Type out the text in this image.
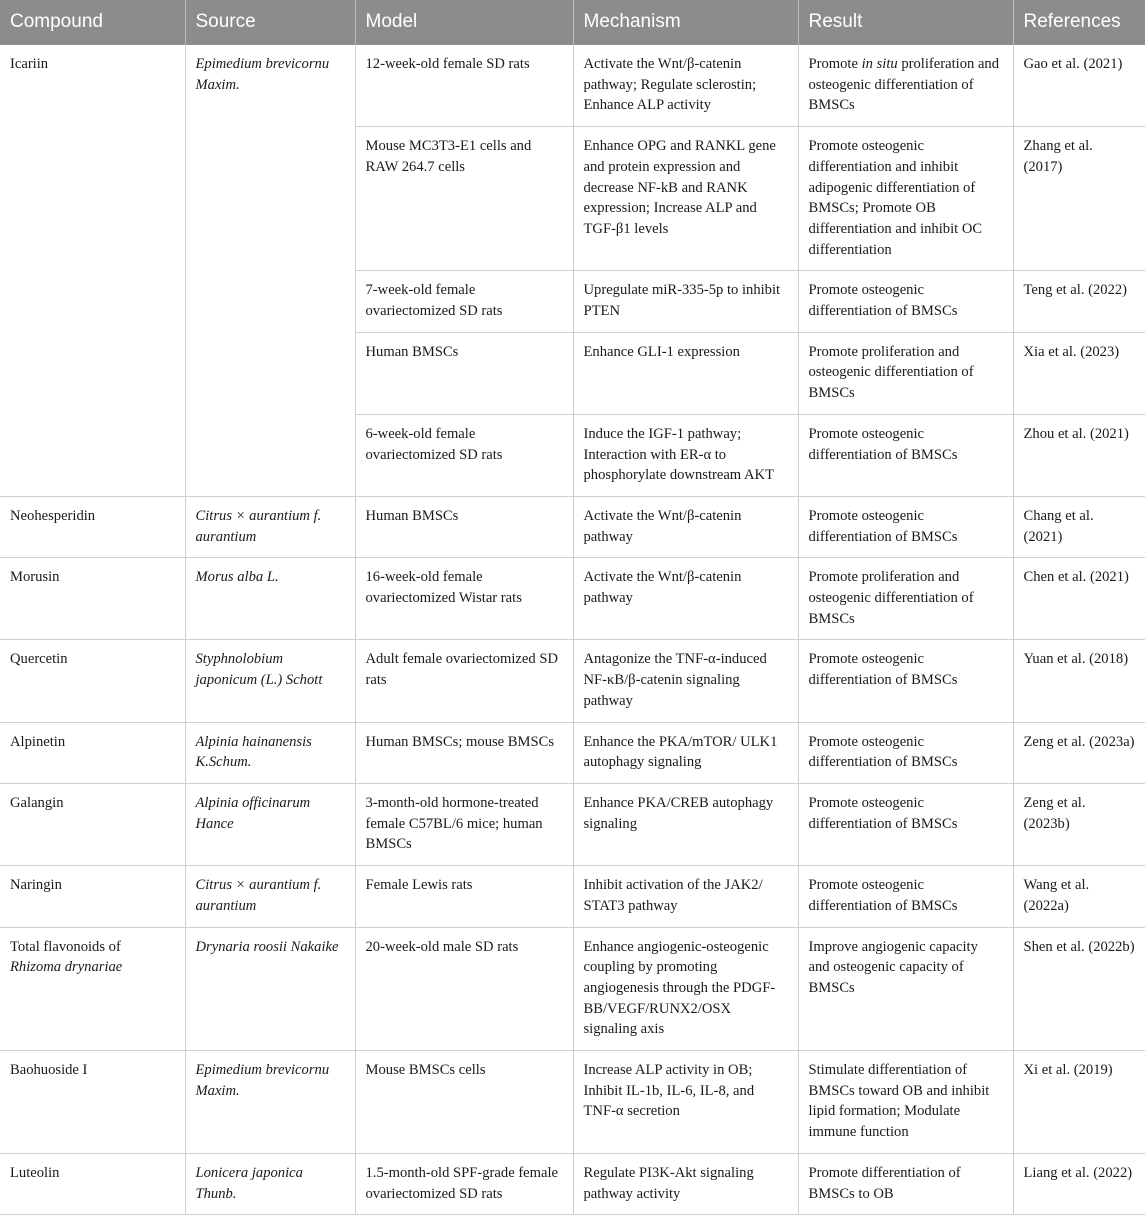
Compound	Source	Model	Mechanism	Result	References
Icariin	Epimedium brevicornu Maxim.	12-week-old female SD rats	Activate the Wnt/β-catenin pathway; Regulate sclerostin; Enhance ALP activity	Promote in situ proliferation and osteogenic differentiation of BMSCs	Gao et al. (2021)
		Mouse MC3T3-E1 cells and RAW 264.7 cells	Enhance OPG and RANKL gene and protein expression and decrease NF-kB and RANK expression; Increase ALP and TGF-β1 levels	Promote osteogenic differentiation and inhibit adipogenic differentiation of BMSCs; Promote OB differentiation and inhibit OC differentiation	Zhang et al. (2017)
		7-week-old female ovariectomized SD rats	Upregulate miR-335-5p to inhibit PTEN	Promote osteogenic differentiation of BMSCs	Teng et al. (2022)
		Human BMSCs	Enhance GLI-1 expression	Promote proliferation and osteogenic differentiation of BMSCs	Xia et al. (2023)
		6-week-old female ovariectomized SD rats	Induce the IGF-1 pathway; Interaction with ER-α to phosphorylate downstream AKT	Promote osteogenic differentiation of BMSCs	Zhou et al. (2021)
Neohesperidin	Citrus × aurantium f. aurantium	Human BMSCs	Activate the Wnt/β-catenin pathway	Promote osteogenic differentiation of BMSCs	Chang et al. (2021)
Morusin	Morus alba L.	16-week-old female ovariectomized Wistar rats	Activate the Wnt/β-catenin pathway	Promote proliferation and osteogenic differentiation of BMSCs	Chen et al. (2021)
Quercetin	Styphnolobium japonicum (L.) Schott	Adult female ovariectomized SD rats	Antagonize the TNF-α-induced NF-κB/β-catenin signaling pathway	Promote osteogenic differentiation of BMSCs	Yuan et al. (2018)
Alpinetin	Alpinia hainanensis K.Schum.	Human BMSCs; mouse BMSCs	Enhance the PKA/mTOR/ ULK1 autophagy signaling	Promote osteogenic differentiation of BMSCs	Zeng et al. (2023a)
Galangin	Alpinia officinarum Hance	3-month-old hormone-treated female C57BL/6 mice; human BMSCs	Enhance PKA/CREB autophagy signaling	Promote osteogenic differentiation of BMSCs	Zeng et al. (2023b)
Naringin	Citrus × aurantium f. aurantium	Female Lewis rats	Inhibit activation of the JAK2/ STAT3 pathway	Promote osteogenic differentiation of BMSCs	Wang et al. (2022a)
Total flavonoids of Rhizoma drynariae	Drynaria roosii Nakaike	20-week-old male SD rats	Enhance angiogenic-osteogenic coupling by promoting angiogenesis through the PDGF-BB/VEGF/RUNX2/OSX signaling axis	Improve angiogenic capacity and osteogenic capacity of BMSCs	Shen et al. (2022b)
Baohuoside I	Epimedium brevicornu Maxim.	Mouse BMSCs cells	Increase ALP activity in OB; Inhibit IL-1b, IL-6, IL-8, and TNF-α secretion	Stimulate differentiation of BMSCs toward OB and inhibit lipid formation; Modulate immune function	Xi et al. (2019)
Luteolin	Lonicera japonica Thunb.	1.5-month-old SPF-grade female ovariectomized SD rats	Regulate PI3K-Akt signaling pathway activity	Promote differentiation of BMSCs to OB	Liang et al. (2022)
